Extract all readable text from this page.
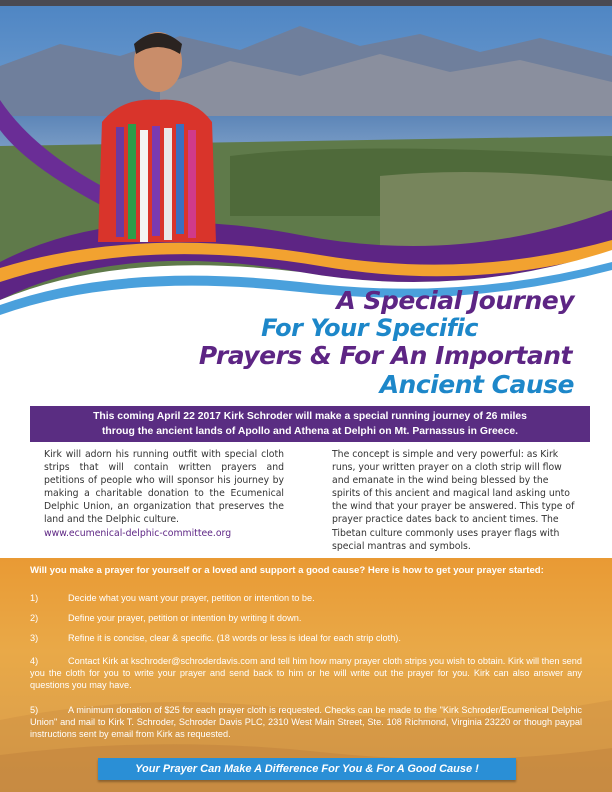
A Special Journey
For Your Specific
Prayers & For An Important
Ancient Cause
This coming April 22 2017 Kirk Schroder will make a special running journey of 26 miles
throug the ancient lands of Apollo and Athena at Delphi on Mt. Parnassus in Greece.
Kirk will adorn his running outfit with special cloth strips that will contain written prayers and petitions of people who will sponsor his journey by making a charitable donation to the Ecumenical Delphic Union, an organization that preserves the land and the Delphic culture.
www.ecumenical-delphic-committee.org
The concept is simple and very powerful: as Kirk runs, your written prayer on a cloth strip will flow and emanate in the wind being blessed by the spirits of this ancient and magical land asking unto the wind that your prayer be answered. This type of prayer practice dates back to ancient times. The Tibetan culture commonly uses prayer flags with special mantras and symbols.
Will you make a prayer for yourself or a loved and support a good cause? Here is how to get your prayer started:
1)	Decide what you want your prayer, petition or intention to be.
2)	Define your prayer, petition or intention by writing it down.
3)	Refine it is concise, clear & specific. (18 words or less is ideal for each strip cloth).
4)	Contact Kirk at kschroder@schroderdavis.com and tell him how many prayer cloth strips you wish to obtain. Kirk will then send you the cloth for you to write your prayer and send back to him or he will write out the prayer for you. Kirk can also answer any questions you may have.
5)	A minimum donation of $25 for each prayer cloth is requested. Checks can be made to the "Kirk Schroder/Ecumenical Delphic Union" and mail to Kirk T. Schroder, Schroder Davis PLC, 2310 West Main Street, Ste. 108 Richmond, Virginia 23220 or though paypal instructions sent by email from Kirk as requested.
Your Prayer Can Make A Difference For You & For A Good Cause !
